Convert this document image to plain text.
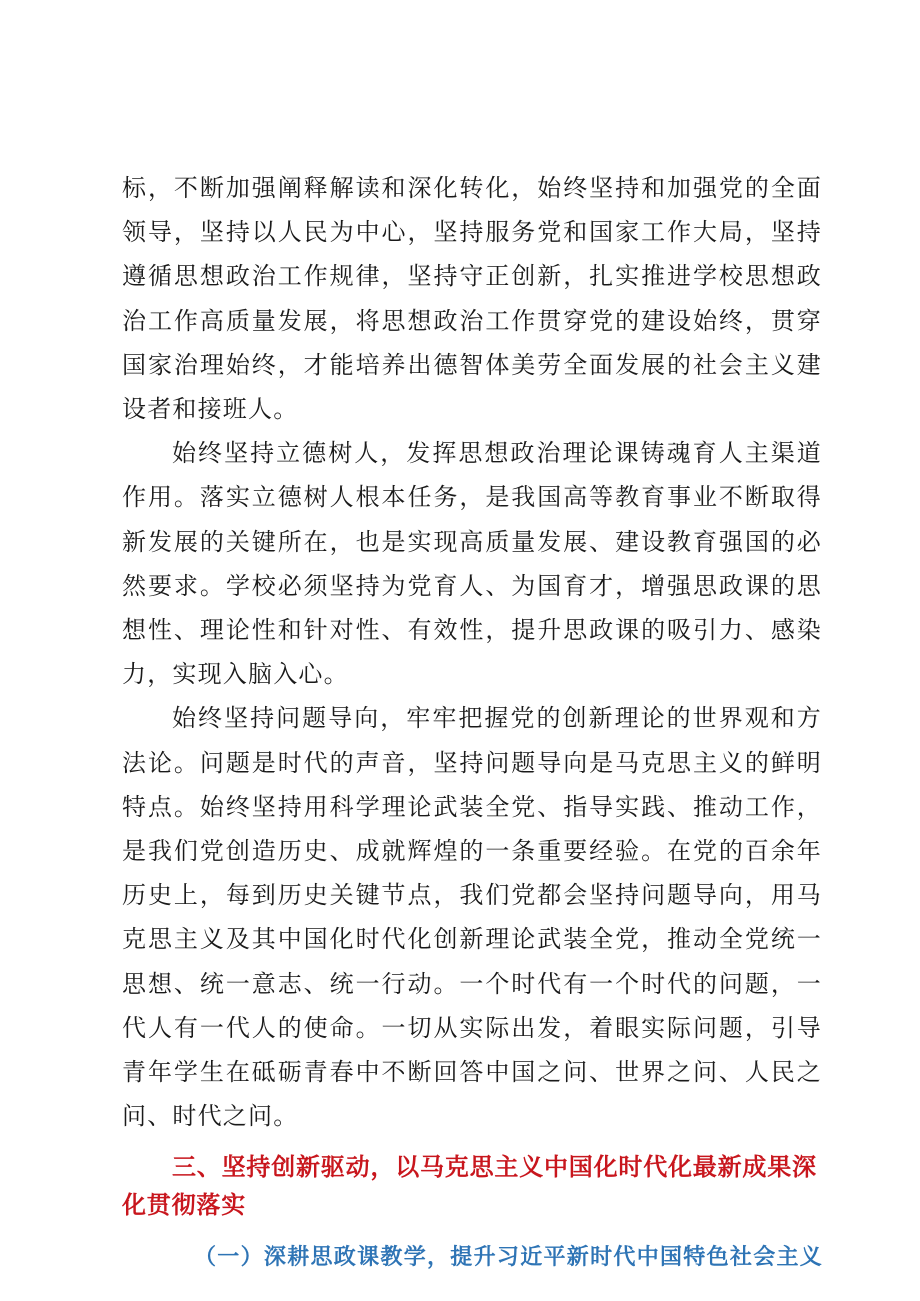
标，不断加强阐释解读和深化转化，始终坚持和加强党的全面领导，坚持以人民为中心，坚持服务党和国家工作大局，坚持遵循思想政治工作规律，坚持守正创新，扎实推进学校思想政治工作高质量发展，将思想政治工作贯穿党的建设始终，贯穿国家治理始终，才能培养出德智体美劳全面发展的社会主义建设者和接班人。

始终坚持立德树人，发挥思想政治理论课铸魂育人主渠道作用。落实立德树人根本任务，是我国高等教育事业不断取得新发展的关键所在，也是实现高质量发展、建设教育强国的必然要求。学校必须坚持为党育人、为国育才，增强思政课的思想性、理论性和针对性、有效性，提升思政课的吸引力、感染力，实现入脑入心。

始终坚持问题导向，牢牢把握党的创新理论的世界观和方法论。问题是时代的声音，坚持问题导向是马克思主义的鲜明特点。始终坚持用科学理论武装全党、指导实践、推动工作，是我们党创造历史、成就辉煌的一条重要经验。在党的百余年历史上，每到历史关键节点，我们党都会坚持问题导向，用马克思主义及其中国化时代化创新理论武装全党，推动全党统一思想、统一意志、统一行动。一个时代有一个时代的问题，一代人有一代人的使命。一切从实际出发，着眼实际问题，引导青年学生在砥砺青春中不断回答中国之问、世界之问、人民之问、时代之问。

三、坚持创新驱动，以马克思主义中国化时代化最新成果深化贯彻落实
（一）深耕思政课教学，提升习近平新时代中国特色社会主义
